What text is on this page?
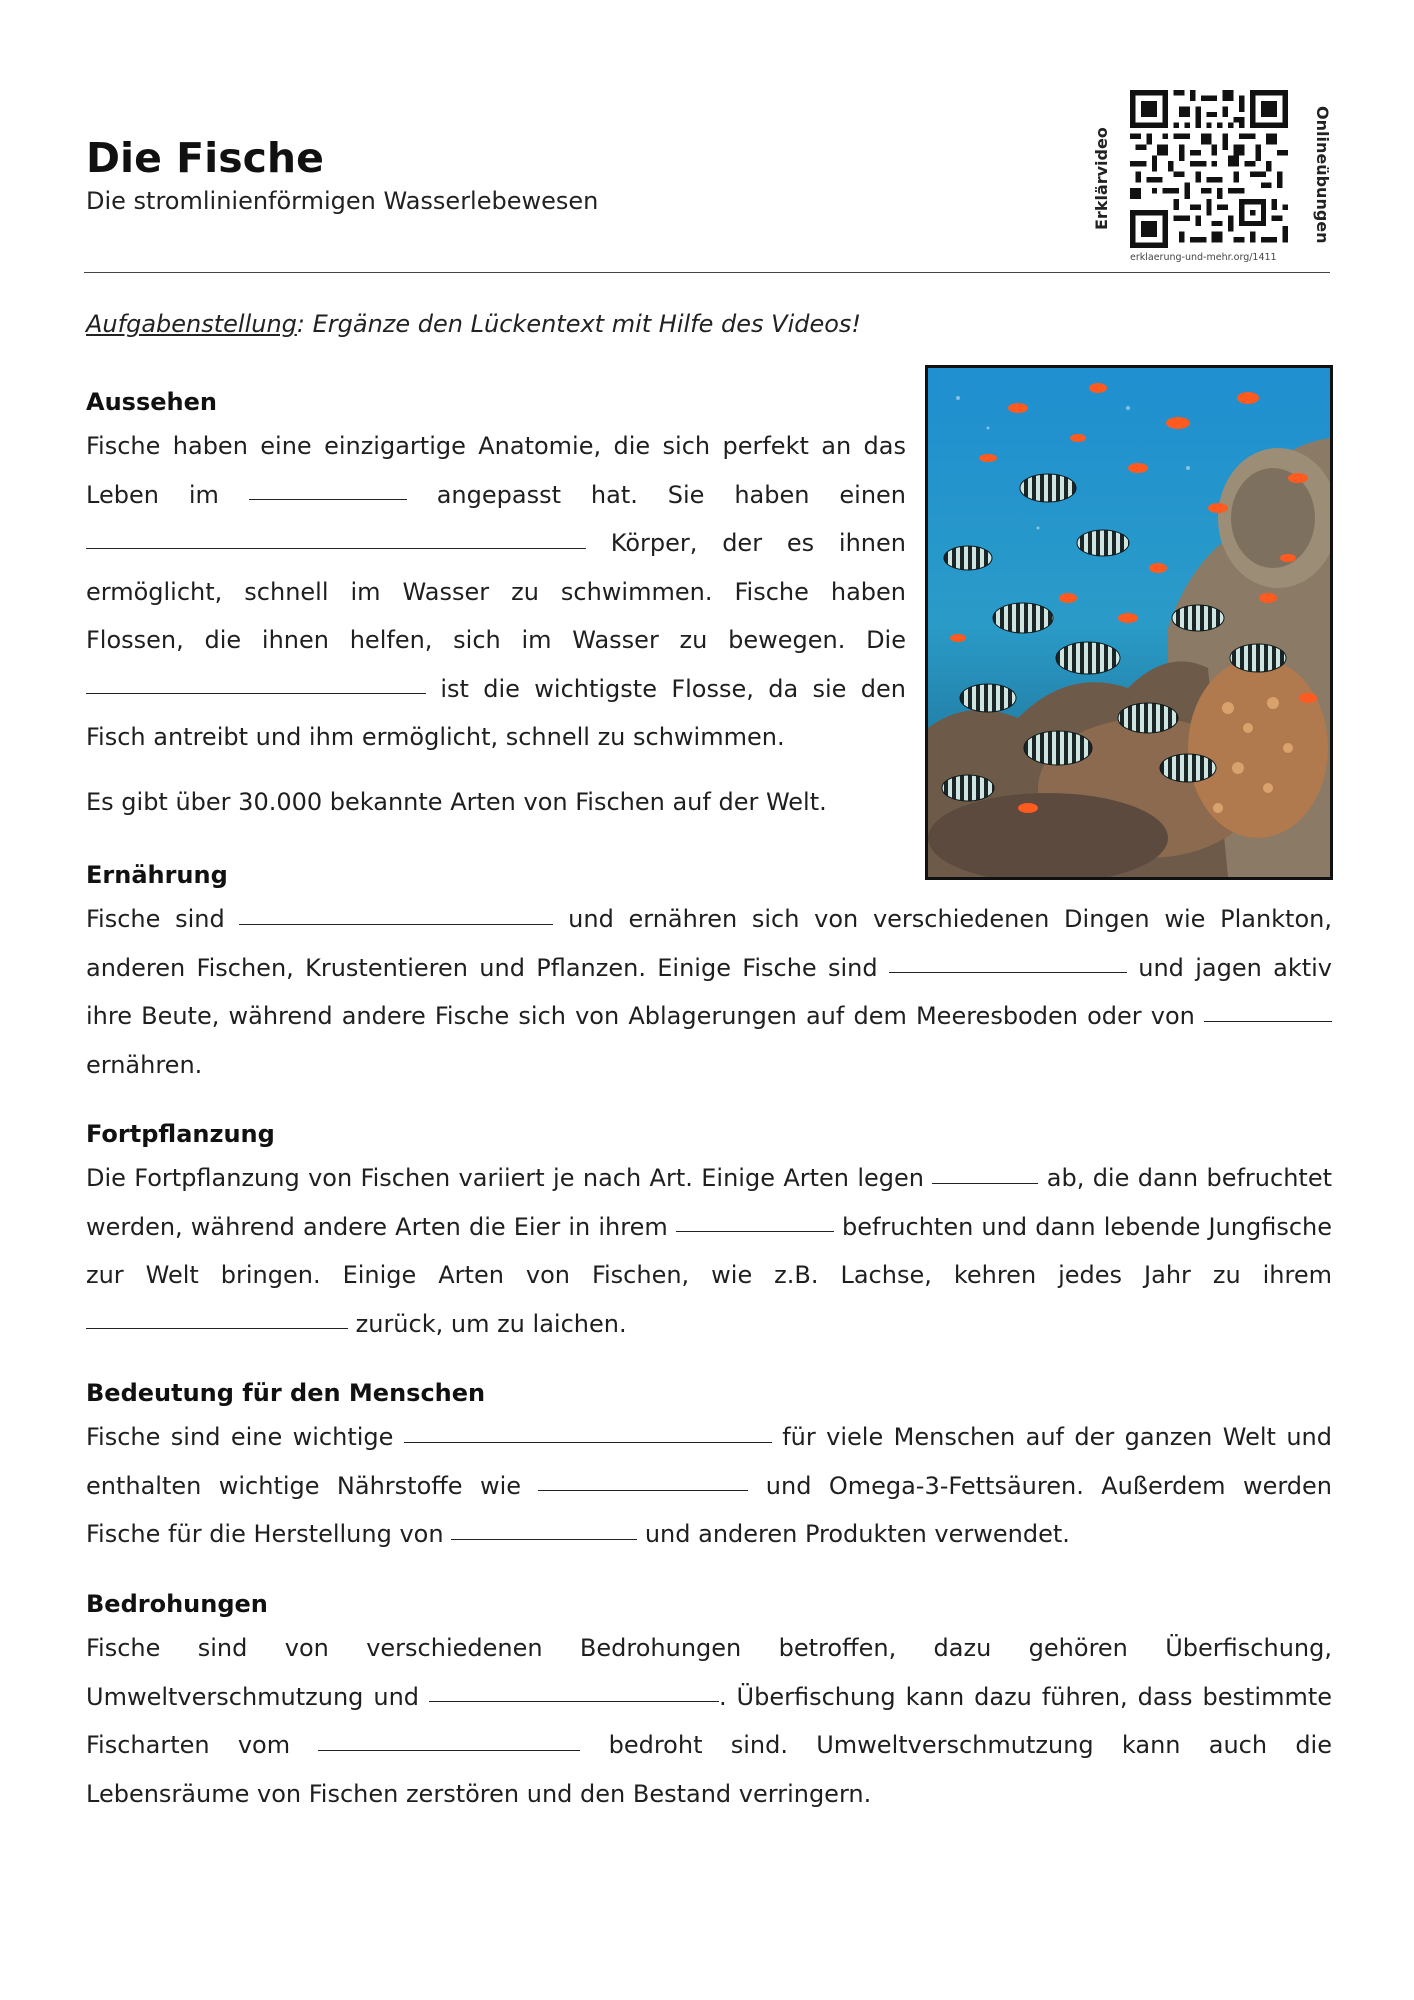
Die Fische

Die stromlinienförmigen Wasserlebewesen	Erklärvideo	Onlineübungen
erklaerung-und-mehr.org/1411
Aufgabenstellung: Ergänze den Lückentext mit Hilfe des Videos!
Aussehen

Fische haben eine einzigartige Anatomie, die sich perfekt an das Leben im	angepasst hat. Sie haben einen  Körper, der es ihnen ermöglicht, schnell im Wasser zu schwimmen. Fische haben Flossen, die ihnen helfen, sich im Wasser zu bewegen. Die  ist die wichtigste Flosse, da sie den Fisch antreibt und ihm ermöglicht, schnell zu schwimmen.

Es gibt über 30.000 bekannte Arten von Fischen auf der Welt.

Ernährung

Fische sind	und ernähren sich von verschiedenen Dingen wie Plankton, anderen Fischen, Krustentieren und Pflanzen. Einige Fische sind	und jagen aktiv ihre Beute, während andere Fische sich von Ablagerungen auf dem Meeresboden oder von  ernähren.

Fortpflanzung

Die Fortpflanzung von Fischen variiert je nach Art. Einige Arten legen	ab, die dann befruchtet werden, während andere Arten die Eier in ihrem	befruchten und dann lebende Jungfische zur Welt bringen. Einige Arten von Fischen, wie z.B. Lachse, kehren jedes Jahr zu ihrem  zurück, um zu laichen.

Bedeutung für den Menschen

Fische sind eine wichtige	für viele Menschen auf der ganzen Welt und enthalten wichtige Nährstoffe wie	und Omega-3-Fettsäuren. Außerdem werden Fische für die Herstellung von	und anderen Produkten verwendet.

Bedrohungen

Fische sind von verschiedenen Bedrohungen betroffen, dazu gehören Überfischung, Umweltverschmutzung und	. Überfischung kann dazu führen, dass bestimmte Fischarten vom	bedroht sind. Umweltverschmutzung kann auch die Lebensräume von Fischen zerstören und den Bestand verringern.
